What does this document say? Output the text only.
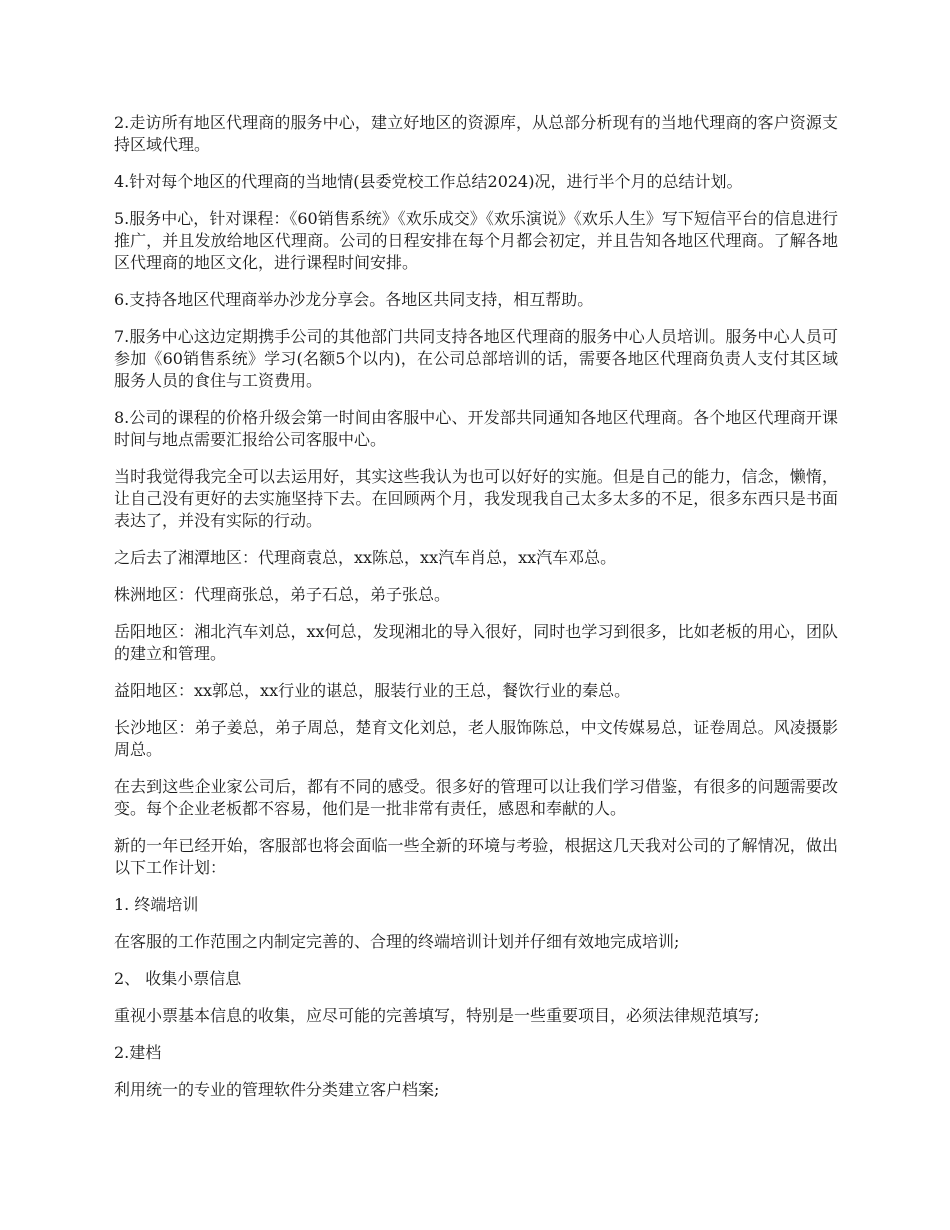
2.走访所有地区代理商的服务中心，建立好地区的资源库，从总部分析现有的当地代理商的客户资源支持区域代理。

4.针对每个地区的代理商的当地情(县委党校工作总结2024)况，进行半个月的总结计划。

5.服务中心，针对课程：《60销售系统》《欢乐成交》《欢乐演说》《欢乐人生》写下短信平台的信息进行推广，并且发放给地区代理商。公司的日程安排在每个月都会初定，并且告知各地区代理商。了解各地区代理商的地区文化，进行课程时间安排。

6.支持各地区代理商举办沙龙分享会。各地区共同支持，相互帮助。

7.服务中心这边定期携手公司的其他部门共同支持各地区代理商的服务中心人员培训。服务中心人员可参加《60销售系统》学习(名额5个以内)，在公司总部培训的话，需要各地区代理商负责人支付其区域服务人员的食住与工资费用。

8.公司的课程的价格升级会第一时间由客服中心、开发部共同通知各地区代理商。各个地区代理商开课时间与地点需要汇报给公司客服中心。

当时我觉得我完全可以去运用好，其实这些我认为也可以好好的实施。但是自己的能力，信念，懒惰，让自己没有更好的去实施坚持下去。在回顾两个月，我发现我自己太多太多的不足，很多东西只是书面表达了，并没有实际的行动。

之后去了湘潭地区：代理商袁总，xx陈总，xx汽车肖总，xx汽车邓总。

株洲地区：代理商张总，弟子石总，弟子张总。

岳阳地区：湘北汽车刘总，xx何总，发现湘北的导入很好，同时也学习到很多，比如老板的用心，团队的建立和管理。

益阳地区：xx郭总，xx行业的谌总，服装行业的王总，餐饮行业的秦总。

长沙地区：弟子姜总，弟子周总，楚育文化刘总，老人服饰陈总，中文传媒易总，证卷周总。风凌摄影周总。

在去到这些企业家公司后，都有不同的感受。很多好的管理可以让我们学习借鉴，有很多的问题需要改变。每个企业老板都不容易，他们是一批非常有责任，感恩和奉献的人。

新的一年已经开始，客服部也将会面临一些全新的环境与考验，根据这几天我对公司的了解情况，做出以下工作计划：

1. 终端培训

在客服的工作范围之内制定完善的、合理的终端培训计划并仔细有效地完成培训;

2、 收集小票信息

重视小票基本信息的收集，应尽可能的完善填写，特别是一些重要项目，必须法律规范填写;

2.建档

利用统一的专业的管理软件分类建立客户档案;
